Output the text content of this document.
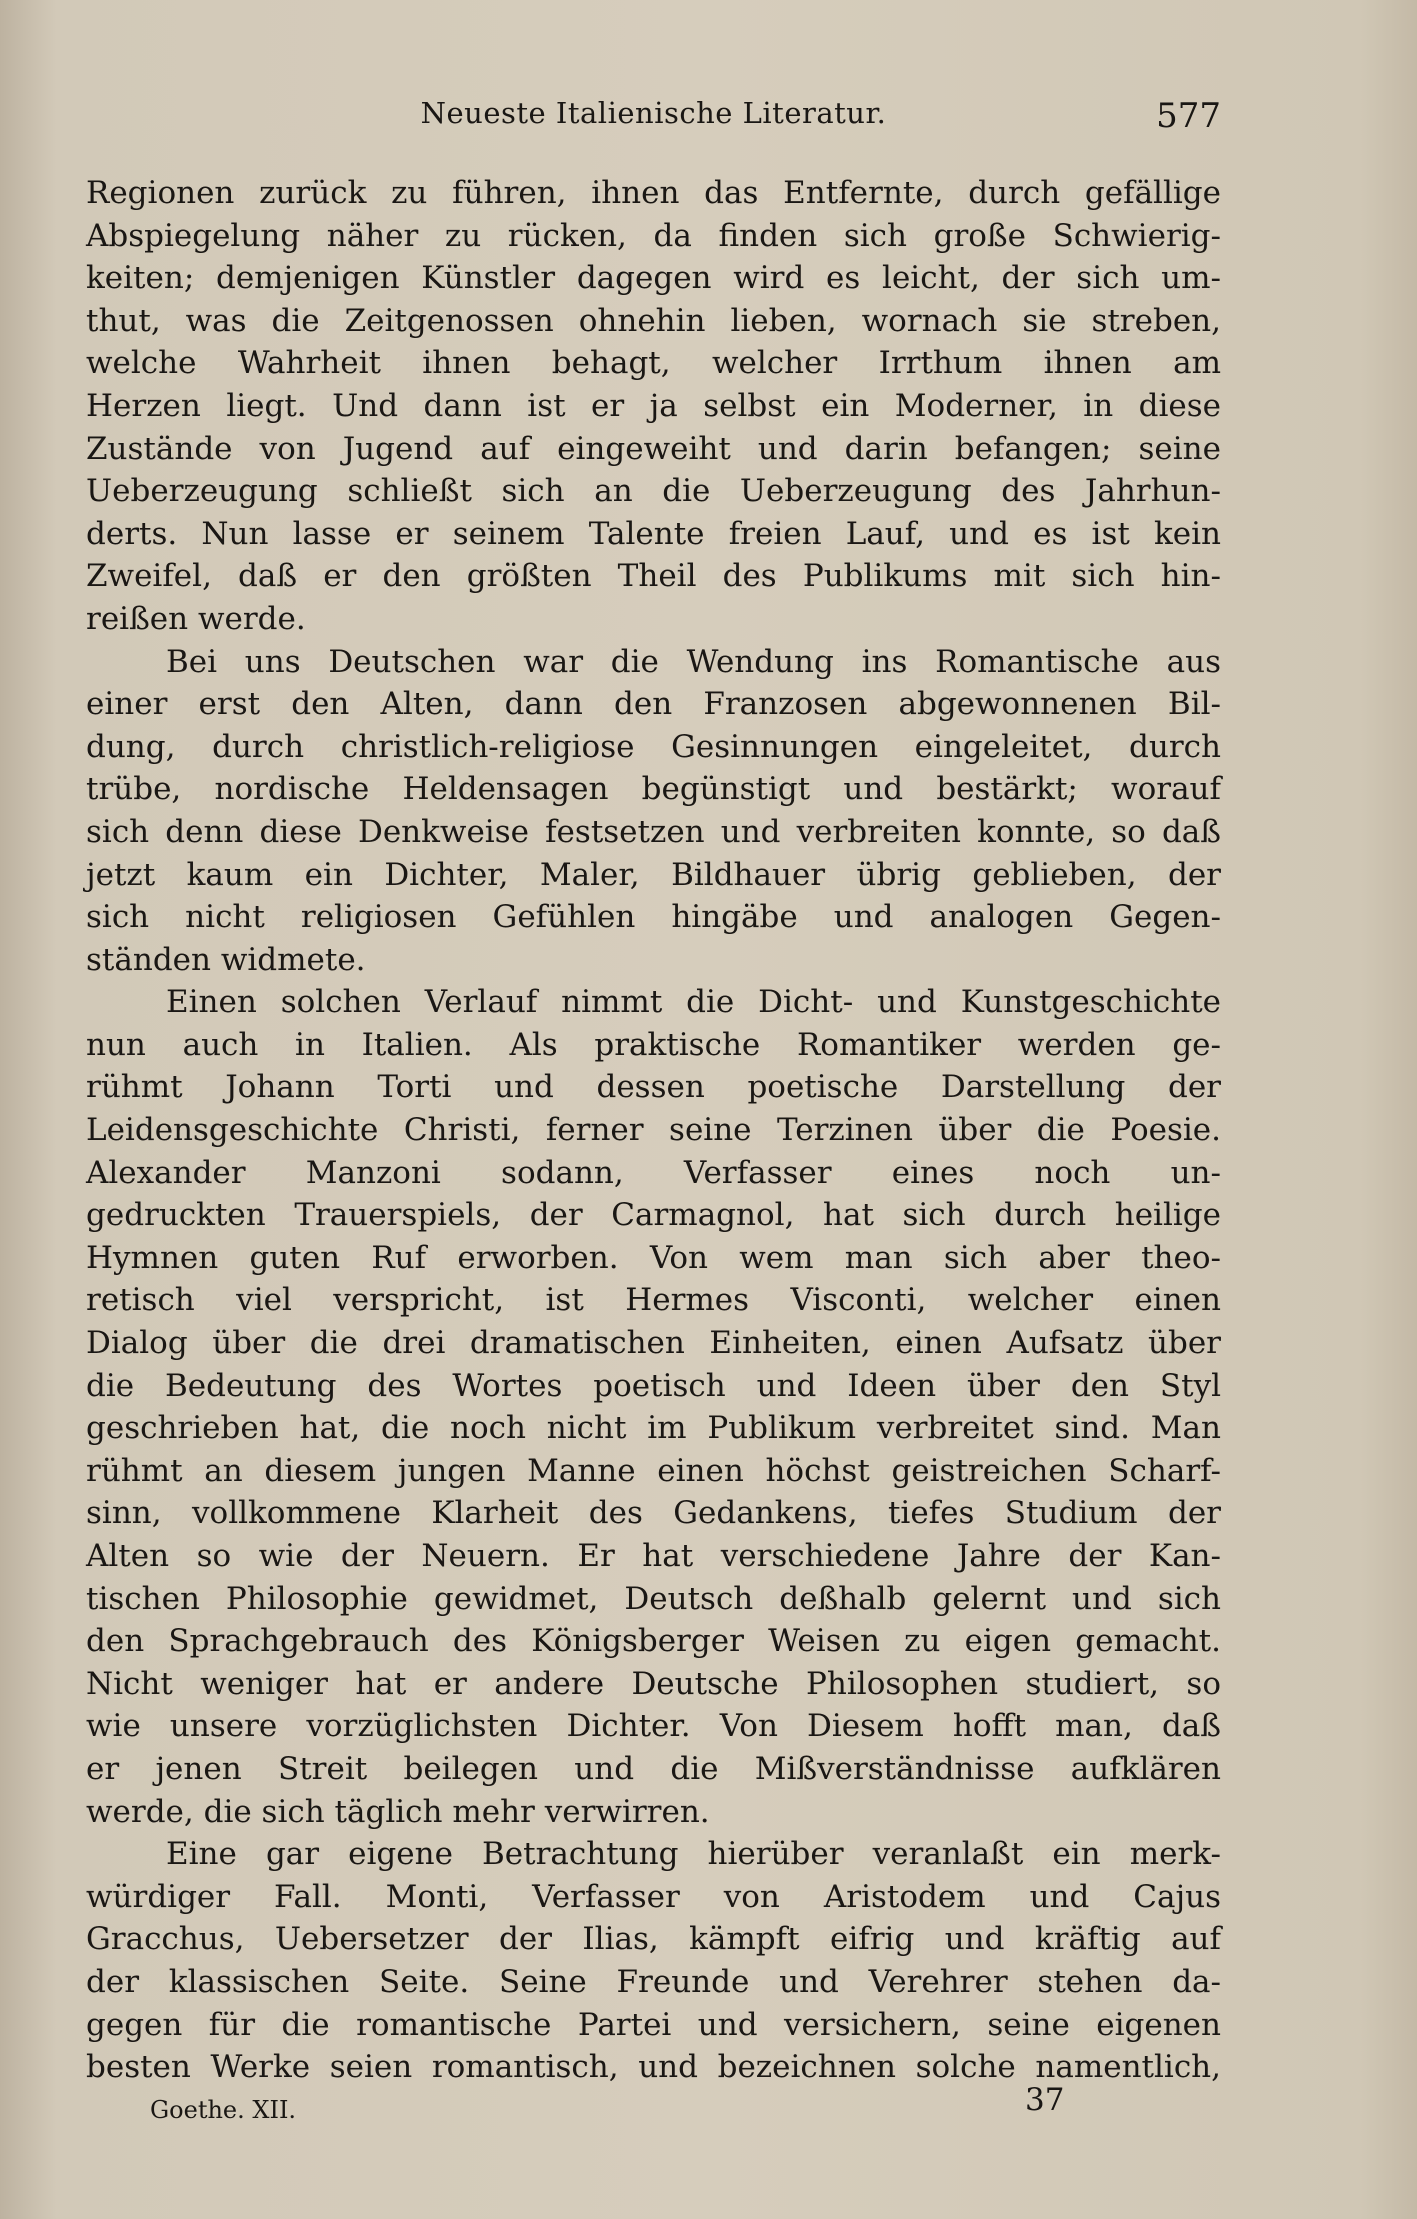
Neueste Italienische Literatur.	577
Regionen zurück zu führen, ihnen das Entfernte, durch gefällige
Abspiegelung näher zu rücken, da finden sich große Schwierig-
keiten; demjenigen Künstler dagegen wird es leicht, der sich um-
thut, was die Zeitgenossen ohnehin lieben, wornach sie streben,
welche Wahrheit ihnen behagt, welcher Irrthum ihnen am
Herzen liegt. Und dann ist er ja selbst ein Moderner, in diese
Zustände von Jugend auf eingeweiht und darin befangen; seine
Ueberzeugung schließt sich an die Ueberzeugung des Jahrhun-
derts. Nun lasse er seinem Talente freien Lauf, und es ist kein
Zweifel, daß er den größten Theil des Publikums mit sich hin-
reißen werde.
Bei uns Deutschen war die Wendung ins Romantische aus
einer erst den Alten, dann den Franzosen abgewonnenen Bil-
dung, durch christlich-religiose Gesinnungen eingeleitet, durch
trübe, nordische Heldensagen begünstigt und bestärkt; worauf
sich denn diese Denkweise festsetzen und verbreiten konnte, so daß
jetzt kaum ein Dichter, Maler, Bildhauer übrig geblieben, der
sich nicht religiosen Gefühlen hingäbe und analogen Gegen-
ständen widmete.
Einen solchen Verlauf nimmt die Dicht- und Kunstgeschichte
nun auch in Italien. Als praktische Romantiker werden ge-
rühmt Johann Torti und dessen poetische Darstellung der
Leidensgeschichte Christi, ferner seine Terzinen über die Poesie.
Alexander Manzoni sodann, Verfasser eines noch un-
gedruckten Trauerspiels, der Carmagnol, hat sich durch heilige
Hymnen guten Ruf erworben. Von wem man sich aber theo-
retisch viel verspricht, ist Hermes Visconti, welcher einen
Dialog über die drei dramatischen Einheiten, einen Aufsatz über
die Bedeutung des Wortes poetisch und Ideen über den Styl
geschrieben hat, die noch nicht im Publikum verbreitet sind. Man
rühmt an diesem jungen Manne einen höchst geistreichen Scharf-
sinn, vollkommene Klarheit des Gedankens, tiefes Studium der
Alten so wie der Neuern. Er hat verschiedene Jahre der Kan-
tischen Philosophie gewidmet, Deutsch deßhalb gelernt und sich
den Sprachgebrauch des Königsberger Weisen zu eigen gemacht.
Nicht weniger hat er andere Deutsche Philosophen studiert, so
wie unsere vorzüglichsten Dichter. Von Diesem hofft man, daß
er jenen Streit beilegen und die Mißverständnisse aufklären
werde, die sich täglich mehr verwirren.
Eine gar eigene Betrachtung hierüber veranlaßt ein merk-
würdiger Fall. Monti, Verfasser von Aristodem und Cajus
Gracchus, Uebersetzer der Ilias, kämpft eifrig und kräftig auf
der klassischen Seite. Seine Freunde und Verehrer stehen da-
gegen für die romantische Partei und versichern, seine eigenen
besten Werke seien romantisch, und bezeichnen solche namentlich,
Goethe. XII.	37
